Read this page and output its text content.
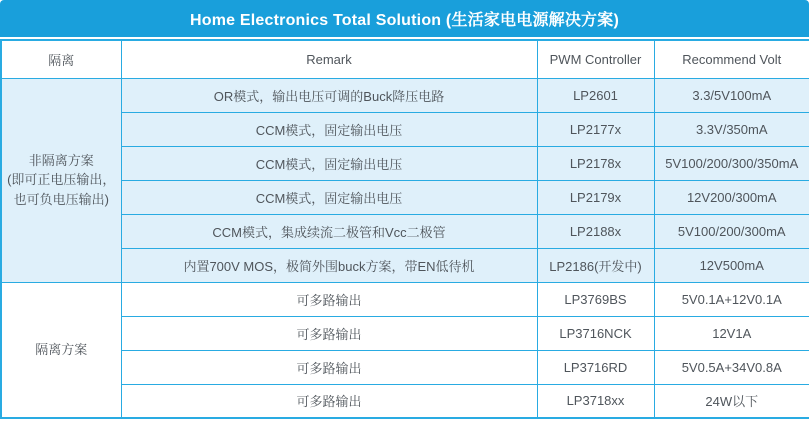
Home Electronics Total Solution (生活家电电源解决方案)
隔离	Remark	PWM Controller	Recommend Volt

非隔离方案
(即可正电压输出，
也可负电压输出)	OR模式，输出电压可调的Buck降压电路	LP2601	3.3/5V100mA
	CCM模式，固定输出电压	LP2177x	3.3V/350mA
	CCM模式，固定输出电压	LP2178x	5V100/200/300/350mA
	CCM模式，固定输出电压	LP2179x	12V200/300mA
	CCM模式，集成续流二极管和Vcc二极管	LP2188x	5V100/200/300mA
	内置700V MOS，极简外围buck方案，带EN低待机	LP2186(开发中)	12V500mA

隔离方案	可多路输出	LP3769BS	5V0.1A+12V0.1A
	可多路输出	LP3716NCK	12V1A
	可多路输出	LP3716RD	5V0.5A+34V0.8A
	可多路输出	LP3718xx	24W以下
